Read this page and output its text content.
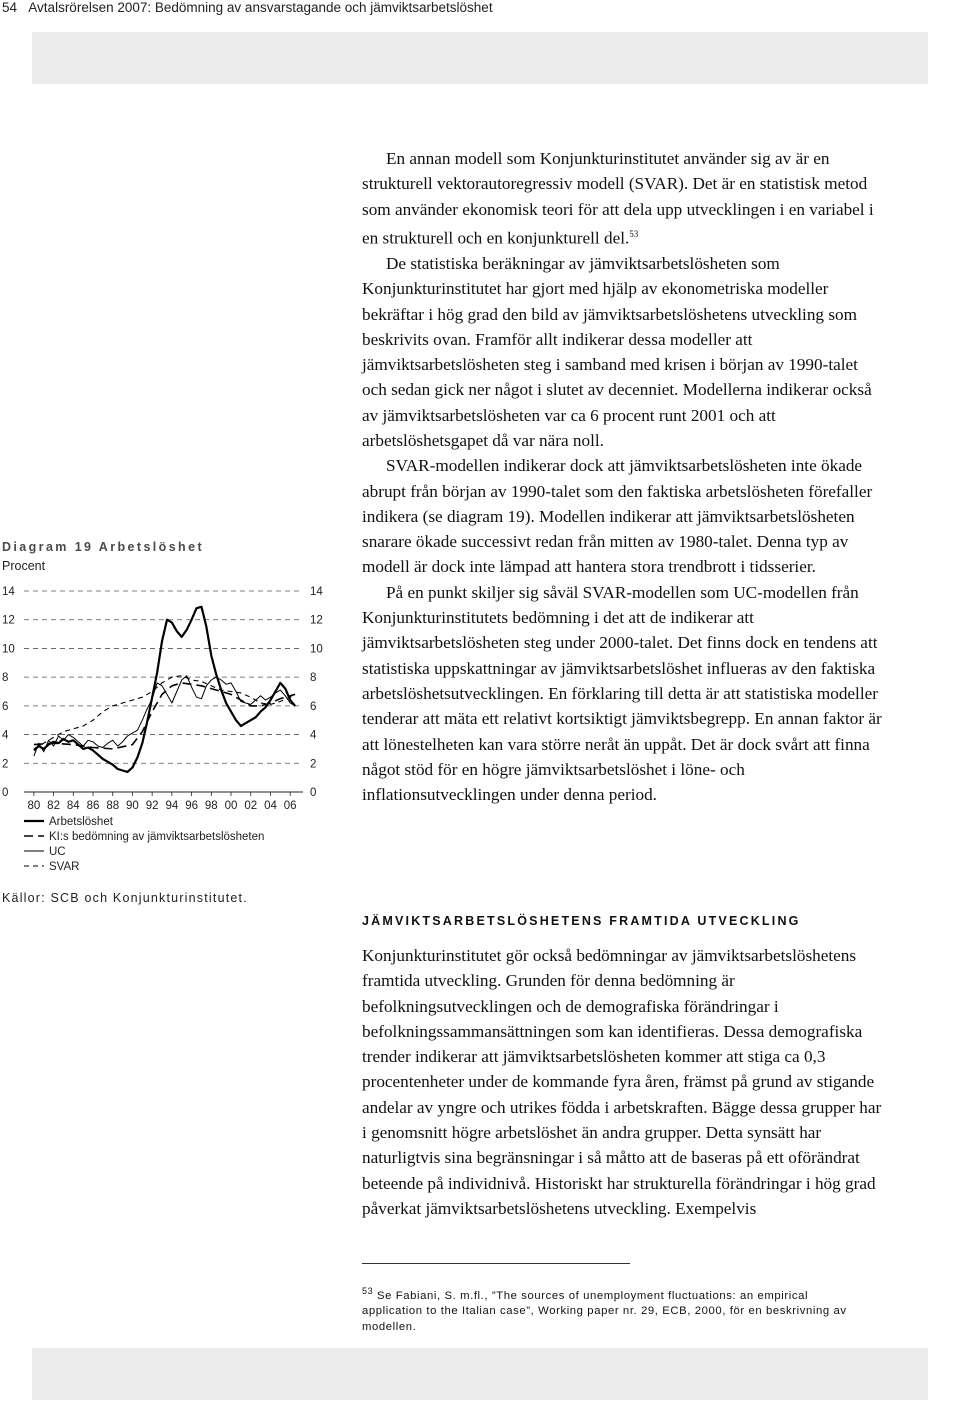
54 Avtalsrörelsen 2007: Bedömning av ansvarstagande och jämviktsarbetslöshet
Diagram 19 Arbetslöshet
Procent
0	0
2	2
4	4
6	6
8	8
10	10
12	12
14	14
80 82 84 86 88 90 92 94 96 98 00 02 04 06
Arbetslöshet
KI:s bedömning av jämviktsarbetslösheten
UC
SVAR
Källor: SCB och Konjunkturinstitutet.

En annan modell som Konjunkturinstitutet använder sig av är en strukturell vektorautoregressiv modell (SVAR). Det är en statistisk metod som använder ekonomisk teori för att dela upp utvecklingen i en variabel i en strukturell och en konjunkturell del.$^{53}$

De statistiska beräkningar av jämviktsarbetslösheten som Konjunkturinstitutet har gjort med hjälp av ekonometriska modeller bekräftar i hög grad den bild av jämviktsarbetslöshetens utveckling som beskrivits ovan. Framför allt indikerar dessa modeller att jämviktsarbetslösheten steg i samband med krisen i början av 1990-talet och sedan gick ner något i slutet av decenniet. Modellerna indikerar också av jämviktsarbetslösheten var ca 6 procent runt 2001 och att arbetslöshetsgapet då var nära noll.

SVAR-modellen indikerar dock att jämviktsarbetslösheten inte ökade abrupt från början av 1990-talet som den faktiska arbetslösheten förefaller indikera (se diagram 19). Modellen indikerar att jämviktsarbetslösheten snarare ökade successivt redan från mitten av 1980-talet. Denna typ av modell är dock inte lämpad att hantera stora trendbrott i tidsserier.

På en punkt skiljer sig såväl SVAR-modellen som UC-modellen från Konjunkturinstitutets bedömning i det att de indikerar att jämviktsarbetslösheten steg under 2000-talet. Det finns dock en tendens att statistiska uppskattningar av jämviktsarbetslöshet influeras av den faktiska arbetslöshetsutvecklingen. En förklaring till detta är att statistiska modeller tenderar att mäta ett relativt kortsiktigt jämviktsbegrepp. En annan faktor är att lönestelheten kan vara större neråt än uppåt. Det är dock svårt att finna något stöd för en högre jämviktsarbetslöshet i löne- och inflationsutvecklingen under denna period.

JÄMVIKTSARBETSLÖSHETENS FRAMTIDA UTVECKLING

Konjunkturinstitutet gör också bedömningar av jämviktsarbetslöshetens framtida utveckling. Grunden för denna bedömning är befolkningsutvecklingen och de demografiska förändringar i befolkningssammansättningen som kan identifieras. Dessa demografiska trender indikerar att jämviktsarbetslösheten kommer att stiga ca 0,3 procentenheter under de kommande fyra åren, främst på grund av stigande andelar av yngre och utrikes födda i arbetskraften. Bägge dessa grupper har i genomsnitt högre arbetslöshet än andra grupper. Detta synsätt har naturligtvis sina begränsningar i så måtto att de baseras på ett oförändrat beteende på individnivå. Historiskt har strukturella förändringar i hög grad påverkat jämviktsarbetslöshetens utveckling. Exempelvis

$^{53}$ Se Fabiani, S. m.fl., ”The sources of unemployment fluctuations: an empirical application to the Italian case”, Working paper nr. 29, ECB, 2000, för en beskrivning av modellen.
